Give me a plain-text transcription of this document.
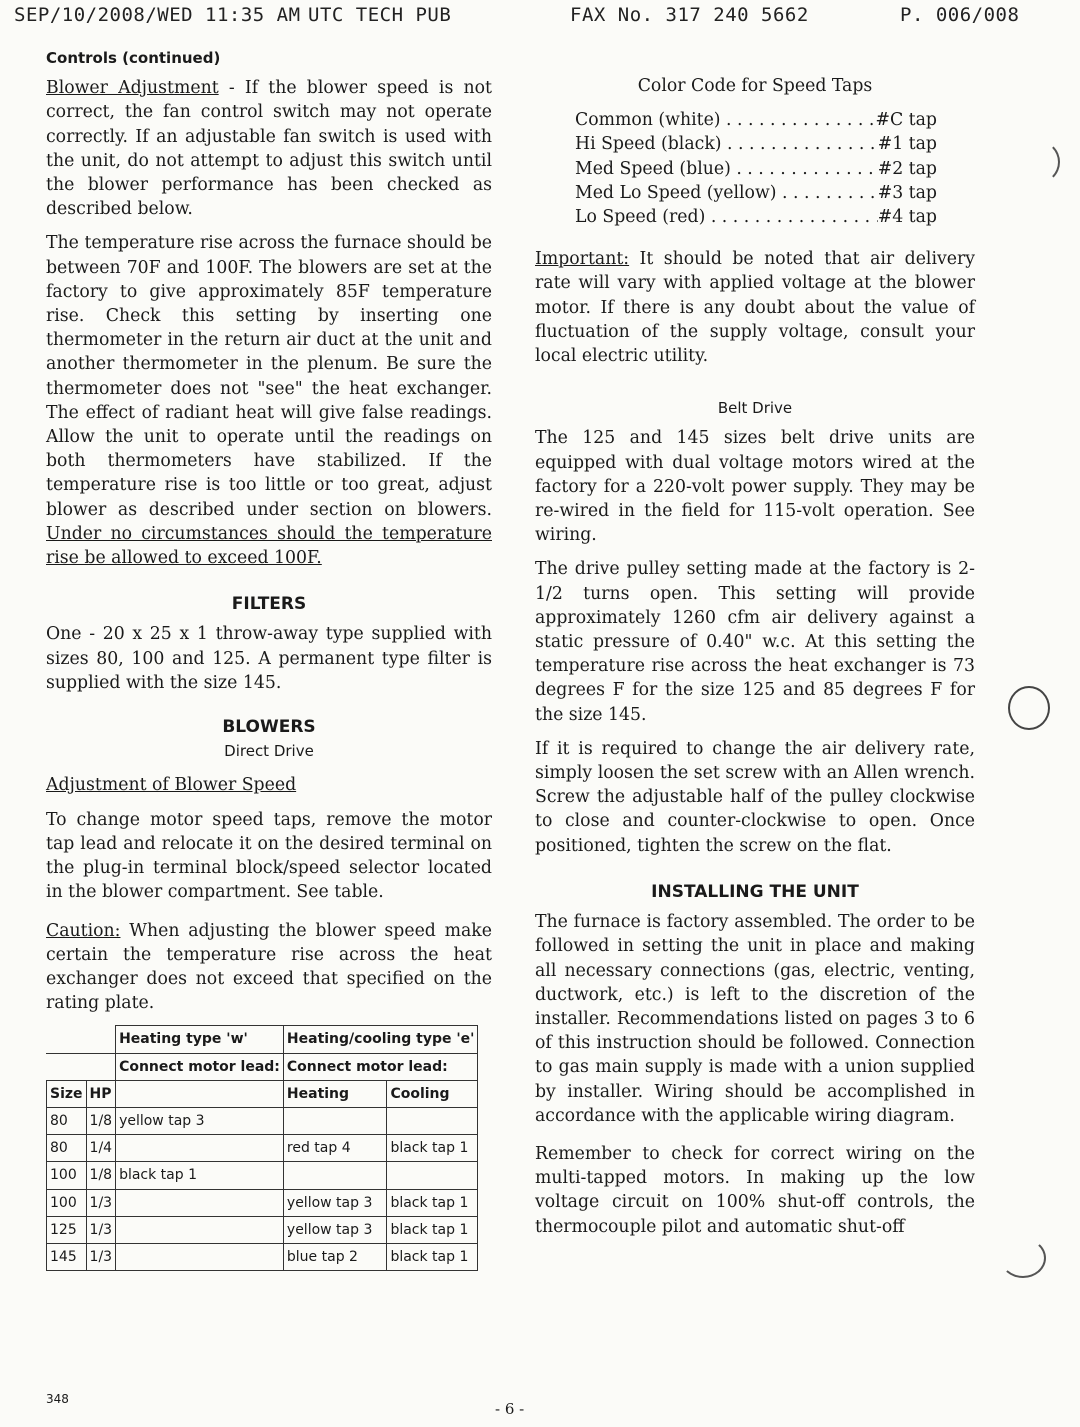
SEP/10/2008/WED 11:35 AM UTC TECH PUB	FAX No. 317 240 5662	P. 006/008
Controls (continued)

Blower Adjustment - If the blower speed is not correct, the fan control switch may not operate correctly. If an adjustable fan switch is used with the unit, do not attempt to adjust this switch until the blower performance has been checked as described below.

The temperature rise across the furnace should be between 70F and 100F. The blowers are set at the factory to give approximately 85F temperature rise. Check this setting by inserting one thermometer in the return air duct at the unit and another thermometer in the plenum. Be sure the thermometer does not "see" the heat exchanger. The effect of radiant heat will give false readings. Allow the unit to operate until the readings on both thermometers have stabilized. If the temperature rise is too little or too great, adjust blower as described under section on blowers. Under no circumstances should the temperature rise be allowed to exceed 100F.

FILTERS

One - 20 x 25 x 1 throw-away type supplied with sizes 80, 100 and 125. A permanent type filter is supplied with the size 145.

BLOWERS
Direct Drive
Adjustment of Blower Speed

To change motor speed taps, remove the motor tap lead and relocate it on the desired terminal on the plug-in terminal block/speed selector located in the blower compartment. See table.

Caution: When adjusting the blower speed make certain the temperature rise across the heat exchanger does not exceed that specified on the rating plate.

		Heating type 'w'	Heating/cooling type 'e'	
		Connect motor lead:	Connect motor lead:	
Size	HP		Heating	Cooling
80	1/8	yellow tap 3		
80	1/4		red tap 4	black tap 1
100	1/8	black tap 1		
100	1/3		yellow tap 3	black tap 1
125	1/3		yellow tap 3	black tap 1
145	1/3		blue tap 2	black tap 1
Color Code for Speed Taps
Common (white) . . .	#C tap
Hi Speed (black) . . .	#1 tap
Med Speed (blue) . . .	#2 tap
Med Lo Speed (yellow) . . .	#3 tap
Lo Speed (red) . . .	#4 tap

Important: It should be noted that air delivery rate will vary with applied voltage at the blower motor. If there is any doubt about the value of fluctuation of the supply voltage, consult your local electric utility.

Belt Drive

The 125 and 145 sizes belt drive units are equipped with dual voltage motors wired at the factory for a 220-volt power supply. They may be re-wired in the field for 115-volt operation. See wiring.

The drive pulley setting made at the factory is 2-1/2 turns open. This setting will provide approximately 1260 cfm air delivery against a static pressure of 0.40" w.c. At this setting the temperature rise across the heat exchanger is 73 degrees F for the size 125 and 85 degrees F for the size 145.

If it is required to change the air delivery rate, simply loosen the set screw with an Allen wrench. Screw the adjustable half of the pulley clockwise to close and counter-clockwise to open. Once positioned, tighten the screw on the flat.

INSTALLING THE UNIT

The furnace is factory assembled. The order to be followed in setting the unit in place and making all necessary connections (gas, electric, venting, ductwork, etc.) is left to the discretion of the installer. Recommendations listed on pages 3 to 6 of this instruction should be followed. Connection to gas main supply is made with a union supplied by installer. Wiring should be accomplished in accordance with the applicable wiring diagram.

Remember to check for correct wiring on the multi-tapped motors. In making up the low voltage circuit on 100% shut-off controls, the thermocouple pilot and automatic shut-off

348
- 6 -
